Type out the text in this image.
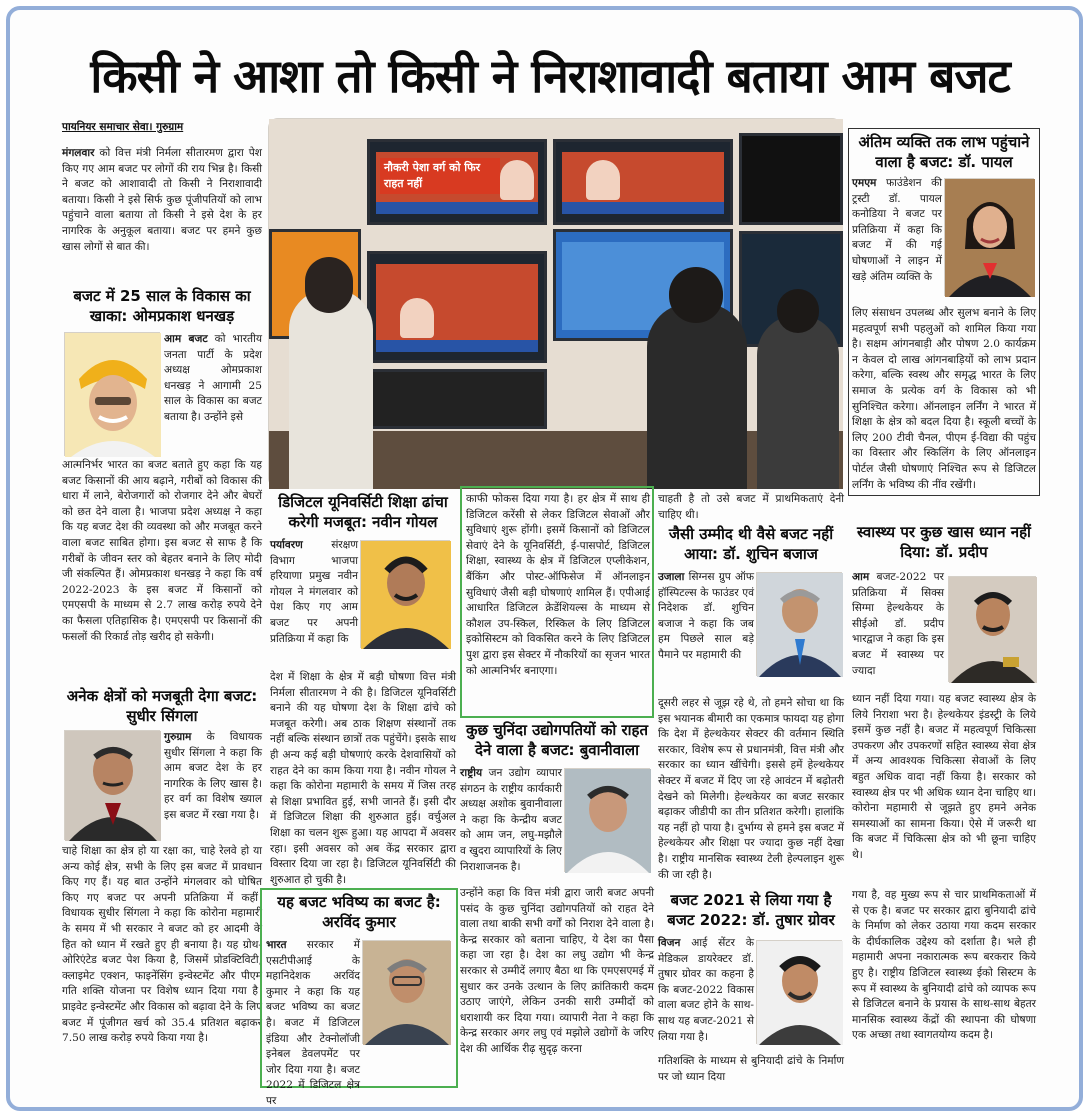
किसी ने आशा तो किसी ने निराशावादी बताया आम बजट
पायनियर समाचार सेवा। गुरुग्राम
मंगलवार को वित्त मंत्री निर्मला सीतारमण द्वारा पेश किए गए आम बजट पर लोगों की राय भिन्न है। किसी ने बजट को आशावादी तो किसी ने निराशावादी बताया। किसी ने इसे सिर्फ कुछ पूंजीपतियों को लाभ पहुंचाने वाला बताया तो किसी ने इसे देश के हर नागरिक के अनुकूल बताया। बजट पर हमने कुछ खास लोगों से बात की।
बजट में 25 साल के विकास का खाका: ओमप्रकाश धनखड़
आम बजट को भारतीय जनता पार्टी के प्रदेश अध्यक्ष ओमप्रकाश धनखड़ ने आगामी 25 साल के विकास का बजट बताया है। उन्होंने इसे
आत्मनिर्भर भारत का बजट बताते हुए कहा कि यह बजट किसानों की आय बढ़ाने, गरीबों को विकास की धारा में लाने, बेरोजगारों को रोजगार देने और बेघरों को छत देने वाला है। भाजपा प्रदेश अध्यक्ष ने कहा कि यह बजट देश की व्यवस्था को और मजबूत करने वाला बजट साबित होगा। इस बजट से साफ है कि गरीबों के जीवन स्तर को बेहतर बनाने के लिए मोदी जी संकल्पित हैं। ओमप्रकाश धनखड़ ने कहा कि वर्ष 2022-2023 के इस बजट में किसानों को एमएसपी के माध्यम से 2.7 लाख करोड़ रुपये देने का फैसला एतिहासिक है। एमएसपी पर किसानों की फसलों की रिकार्ड तोड़ खरीद हो सकेगी।
अनेक क्षेत्रों को मजबूती देगा बजट: सुधीर सिंगला
गुरुग्राम के विधायक सुधीर सिंगला ने कहा कि आम बजट देश के हर नागरिक के लिए खास है। हर वर्ग का विशेष ख्याल इस बजट में रखा गया है।
चाहे शिक्षा का क्षेत्र हो या रक्षा का, चाहे रेलवे हो या अन्य कोई क्षेत्र, सभी के लिए इस बजट में प्रावधान किए गए हैं। यह बात उन्होंने मंगलवार को घोषित किए गए बजट पर अपनी प्रतिक्रिया में कहीं। विधायक सुधीर सिंगला ने कहा कि कोरोना महामारी के समय में भी सरकार ने बजट को हर आदमी के हित को ध्यान में रखते हुए ही बनाया है। यह ग्रोथ-ओरिएंटेड बजट पेश किया है, जिसमें प्रोडक्टिविटी, क्लाइमेट एक्शन, फाइनेंसिंग इन्वेस्टमेंट और पीएम गति शक्ति योजना पर विशेष ध्यान दिया गया है। प्राइवेट इन्वेस्टमेंट और विकास को बढ़ावा देने के लिए बजट में पूंजीगत खर्च को 35.4 प्रतिशत बढ़ाकर 7.50 लाख करोड़ रुपये किया गया है।
नौकरी पेशा वर्ग को फिर राहत नहीं
डिजिटल यूनिवर्सिटी शिक्षा ढांचा करेगी मजबूत: नवीन गोयल
पर्यावरण संरक्षण विभाग भाजपा हरियाणा प्रमुख नवीन गोयल ने मंगलवार को पेश किए गए आम बजट पर अपनी प्रतिक्रिया में कहा कि
देश में शिक्षा के क्षेत्र में बड़ी घोषणा वित्त मंत्री निर्मला सीतारमण ने की है। डिजिटल यूनिवर्सिटी बनाने की यह घोषणा देश के शिक्षा ढांचे को मजबूत करेगी। अब ठाक शिक्षण संस्थानों तक नहीं बल्कि संस्थान छात्रों तक पहुंचेंगे। इसके साथ ही अन्य कई बड़ी घोषणाएं करके देशवासियों को राहत देने का काम किया गया है। नवीन गोयल ने कहा कि कोरोना महामारी के समय में जिस तरह से शिक्षा प्रभावित हुई, सभी जानते हैं। इसी दौर में डिजिटल शिक्षा की शुरुआत हुई। वर्चुअल शिक्षा का चलन शुरू हुआ। यह आपदा में अवसर रहा। इसी अवसर को अब केंद्र सरकार द्वारा विस्तार दिया जा रहा है। डिजिटल यूनिवर्सिटी की शुरुआत हो चुकी है।
यह बजट भविष्य का बजट है: अरविंद कुमार
भारत सरकार में एसटीपीआई के महानिदेशक अरविंद कुमार ने कहा कि यह बजट भविष्य का बजट है। बजट में डिजिटल इंडिया और टेक्नोलॉजी इनेबल डेवलपमेंट पर जोर दिया गया है। बजट 2022 में डिजिटल क्षेत्र पर
काफी फोकस दिया गया है। हर क्षेत्र में साथ ही डिजिटल करेंसी से लेकर डिजिटल सेवाओं और सुविधाएं शुरू होंगी। इसमें किसानों को डिजिटल सेवाएं देने के यूनिवर्सिटी, ई-पासपोर्ट, डिजिटल शिक्षा, स्वास्थ्य के क्षेत्र में डिजिटल एप्लीकेशन, बैंकिंग और पोस्ट-ऑफिसेज में ऑनलाइन सुविधाएं जैसी बड़ी घोषणाएं शामिल हैं। एपीआई आधारित डिजिटल क्रेडेंशियल्स के माध्यम से कौशल उप-स्किल, रिस्किल के लिए डिजिटल इकोसिस्टम को विकसित करने के लिए डिजिटल पुश द्वारा इस सेक्टर में नौकरियों का सृजन भारत को आत्मनिर्भर बनाएगा।
कुछ चुनिंदा उद्योगपतियों को राहत देने वाला है बजट: बुवानीवाला
राष्ट्रीय जन उद्योग व्यापार संगठन के राष्ट्रीय कार्यकारी अध्यक्ष अशोक बुवानीवाला ने कहा कि केन्द्रीय बजट को आम जन, लघु-मझौले व खुदरा व्यापारियों के लिए निराशाजनक है।
उन्होंने कहा कि वित्त मंत्री द्वारा जारी बजट अपनी पसंद के कुछ चुनिंदा उद्योगपतियों को राहत देने वाला तथा बाकी सभी वर्गों को निराश देने वाला है। केन्द्र सरकार को बताना चाहिए, ये देश का पैसा कहा जा रहा है। देश का लघु उद्योग भी केन्द्र सरकार से उम्मीदें लगाए बैठा था कि एमएसएमई में सुधार कर उनके उत्थान के लिए क्रांतिकारी कदम उठाए जाएंगे, लेकिन उनकी सारी उम्मीदों को धराशायी कर दिया गया। व्यापारी नेता ने कहा कि केन्द्र सरकार अगर लघु एवं मझोले उद्योगों के जरिए देश की आर्थिक रीढ़ सुदृढ़ करना
चाहती है तो उसे बजट में प्राथमिकताएं देनी चाहिए थी।
जैसी उम्मीद थी वैसे बजट नहीं आया: डॉ. शुचिन बजाज
उजाला सिग्नस ग्रुप ऑफ हॉस्पिटल्स के फाउंडर एवं निदेशक डॉ. शुचिन बजाज ने कहा कि जब हम पिछले साल बड़े पैमाने पर महामारी की
दूसरी लहर से जूझ रहे थे, तो हमने सोचा था कि इस भयानक बीमारी का एकमात्र फायदा यह होगा कि देश में हेल्थकेयर सेक्टर की वर्तमान स्थिति सरकार, विशेष रूप से प्रधानमंत्री, वित्त मंत्री और सरकार का ध्यान खींचेगी। इससे हमें हेल्थकेयर सेक्टर में बजट में दिए जा रहे आवंटन में बढ़ोतरी देखने को मिलेगी। हेल्थकेयर का बजट सरकार बढ़ाकर जीडीपी का तीन प्रतिशत करेगी। हालांकि यह नहीं हो पाया है। दुर्भाग्य से हमने इस बजट में हेल्थकेयर और शिक्षा पर ज्यादा कुछ नहीं देखा है। राष्ट्रीय मानसिक स्वास्थ्य टेली हेल्पलाइन शुरू की जा रही है।
बजट 2021 से लिया गया है बजट 2022: डॉ. तुषार ग्रोवर
विजन आई सेंटर के मेडिकल डायरेक्टर डॉ. तुषार ग्रोवर का कहना है कि बजट-2022 विकास वाला बजट होने के साथ-साथ यह बजट-2021 से लिया गया है।
गतिशक्ति के माध्यम से बुनियादी ढांचे के निर्माण पर जो ध्यान दिया
अंतिम व्यक्ति तक लाभ पहुंचाने वाला है बजट: डॉ. पायल
एमएम फाउंडेशन की ट्रस्टी डॉ. पायल कनोडिया ने बजट पर प्रतिक्रिया में कहा कि बजट में की गई घोषणाओं ने लाइन में खड़े अंतिम व्यक्ति के
लिए संसाधन उपलब्ध और सुलभ बनाने के लिए महत्वपूर्ण सभी पहलुओं को शामिल किया गया है। सक्षम आंगनबाड़ी और पोषण 2.0 कार्यक्रम न केवल दो लाख आंगनबाड़ियों को लाभ प्रदान करेगा, बल्कि स्वस्थ और समृद्ध भारत के लिए समाज के प्रत्येक वर्ग के विकास को भी सुनिश्चित करेगा। ऑनलाइन लर्निंग ने भारत में शिक्षा के क्षेत्र को बदल दिया है। स्कूली बच्चों के लिए 200 टीवी चैनल, पीएम ई-विद्या की पहुंच का विस्तार और स्किलिंग के लिए ऑनलाइन पोर्टल जैसी घोषणाएं निश्चित रूप से डिजिटल लर्निंग के भविष्य की नींव रखेंगी।
स्वास्थ्य पर कुछ खास ध्यान नहीं दिया: डॉ. प्रदीप
आम बजट-2022 पर प्रतिक्रिया में सिक्स सिग्मा हेल्थकेयर के सीईओ डॉ. प्रदीप भारद्वाज ने कहा कि इस बजट में स्वास्थ्य पर ज्यादा
ध्यान नहीं दिया गया। यह बजट स्वास्थ्य क्षेत्र के लिये निराशा भरा है। हेल्थकेयर इंडस्ट्री के लिये इसमें कुछ नहीं है। बजट में महत्वपूर्ण चिकित्सा उपकरण और उपकरणों सहित स्वास्थ्य सेवा क्षेत्र में अन्य आवश्यक चिकित्सा सेवाओं के लिए बहुत अधिक वादा नहीं किया है। सरकार को स्वास्थ्य क्षेत्र पर भी अधिक ध्यान देना चाहिए था। कोरोना महामारी से जूझते हुए हमने अनेक समस्याओं का सामना किया। ऐसे में जरूरी था कि बजट में चिकित्सा क्षेत्र को भी छूना चाहिए थे।
गया है, वह मुख्य रूप से चार प्राथमिकताओं में से एक है। बजट पर सरकार द्वारा बुनियादी ढांचे के निर्माण को लेकर उठाया गया कदम सरकार के दीर्घकालिक उद्देश्य को दर्शाता है। भले ही महामारी अपना नकारात्मक रूप बरकरार किये हुए है। राष्ट्रीय डिजिटल स्वास्थ्य ईको सिस्टम के रूप में स्वास्थ्य के बुनियादी ढांचे को व्यापक रूप से डिजिटल बनाने के प्रयास के साथ-साथ बेहतर मानसिक स्वास्थ्य केंद्रों की स्थापना की घोषणा एक अच्छा तथा स्वागतयोग्य कदम है।
